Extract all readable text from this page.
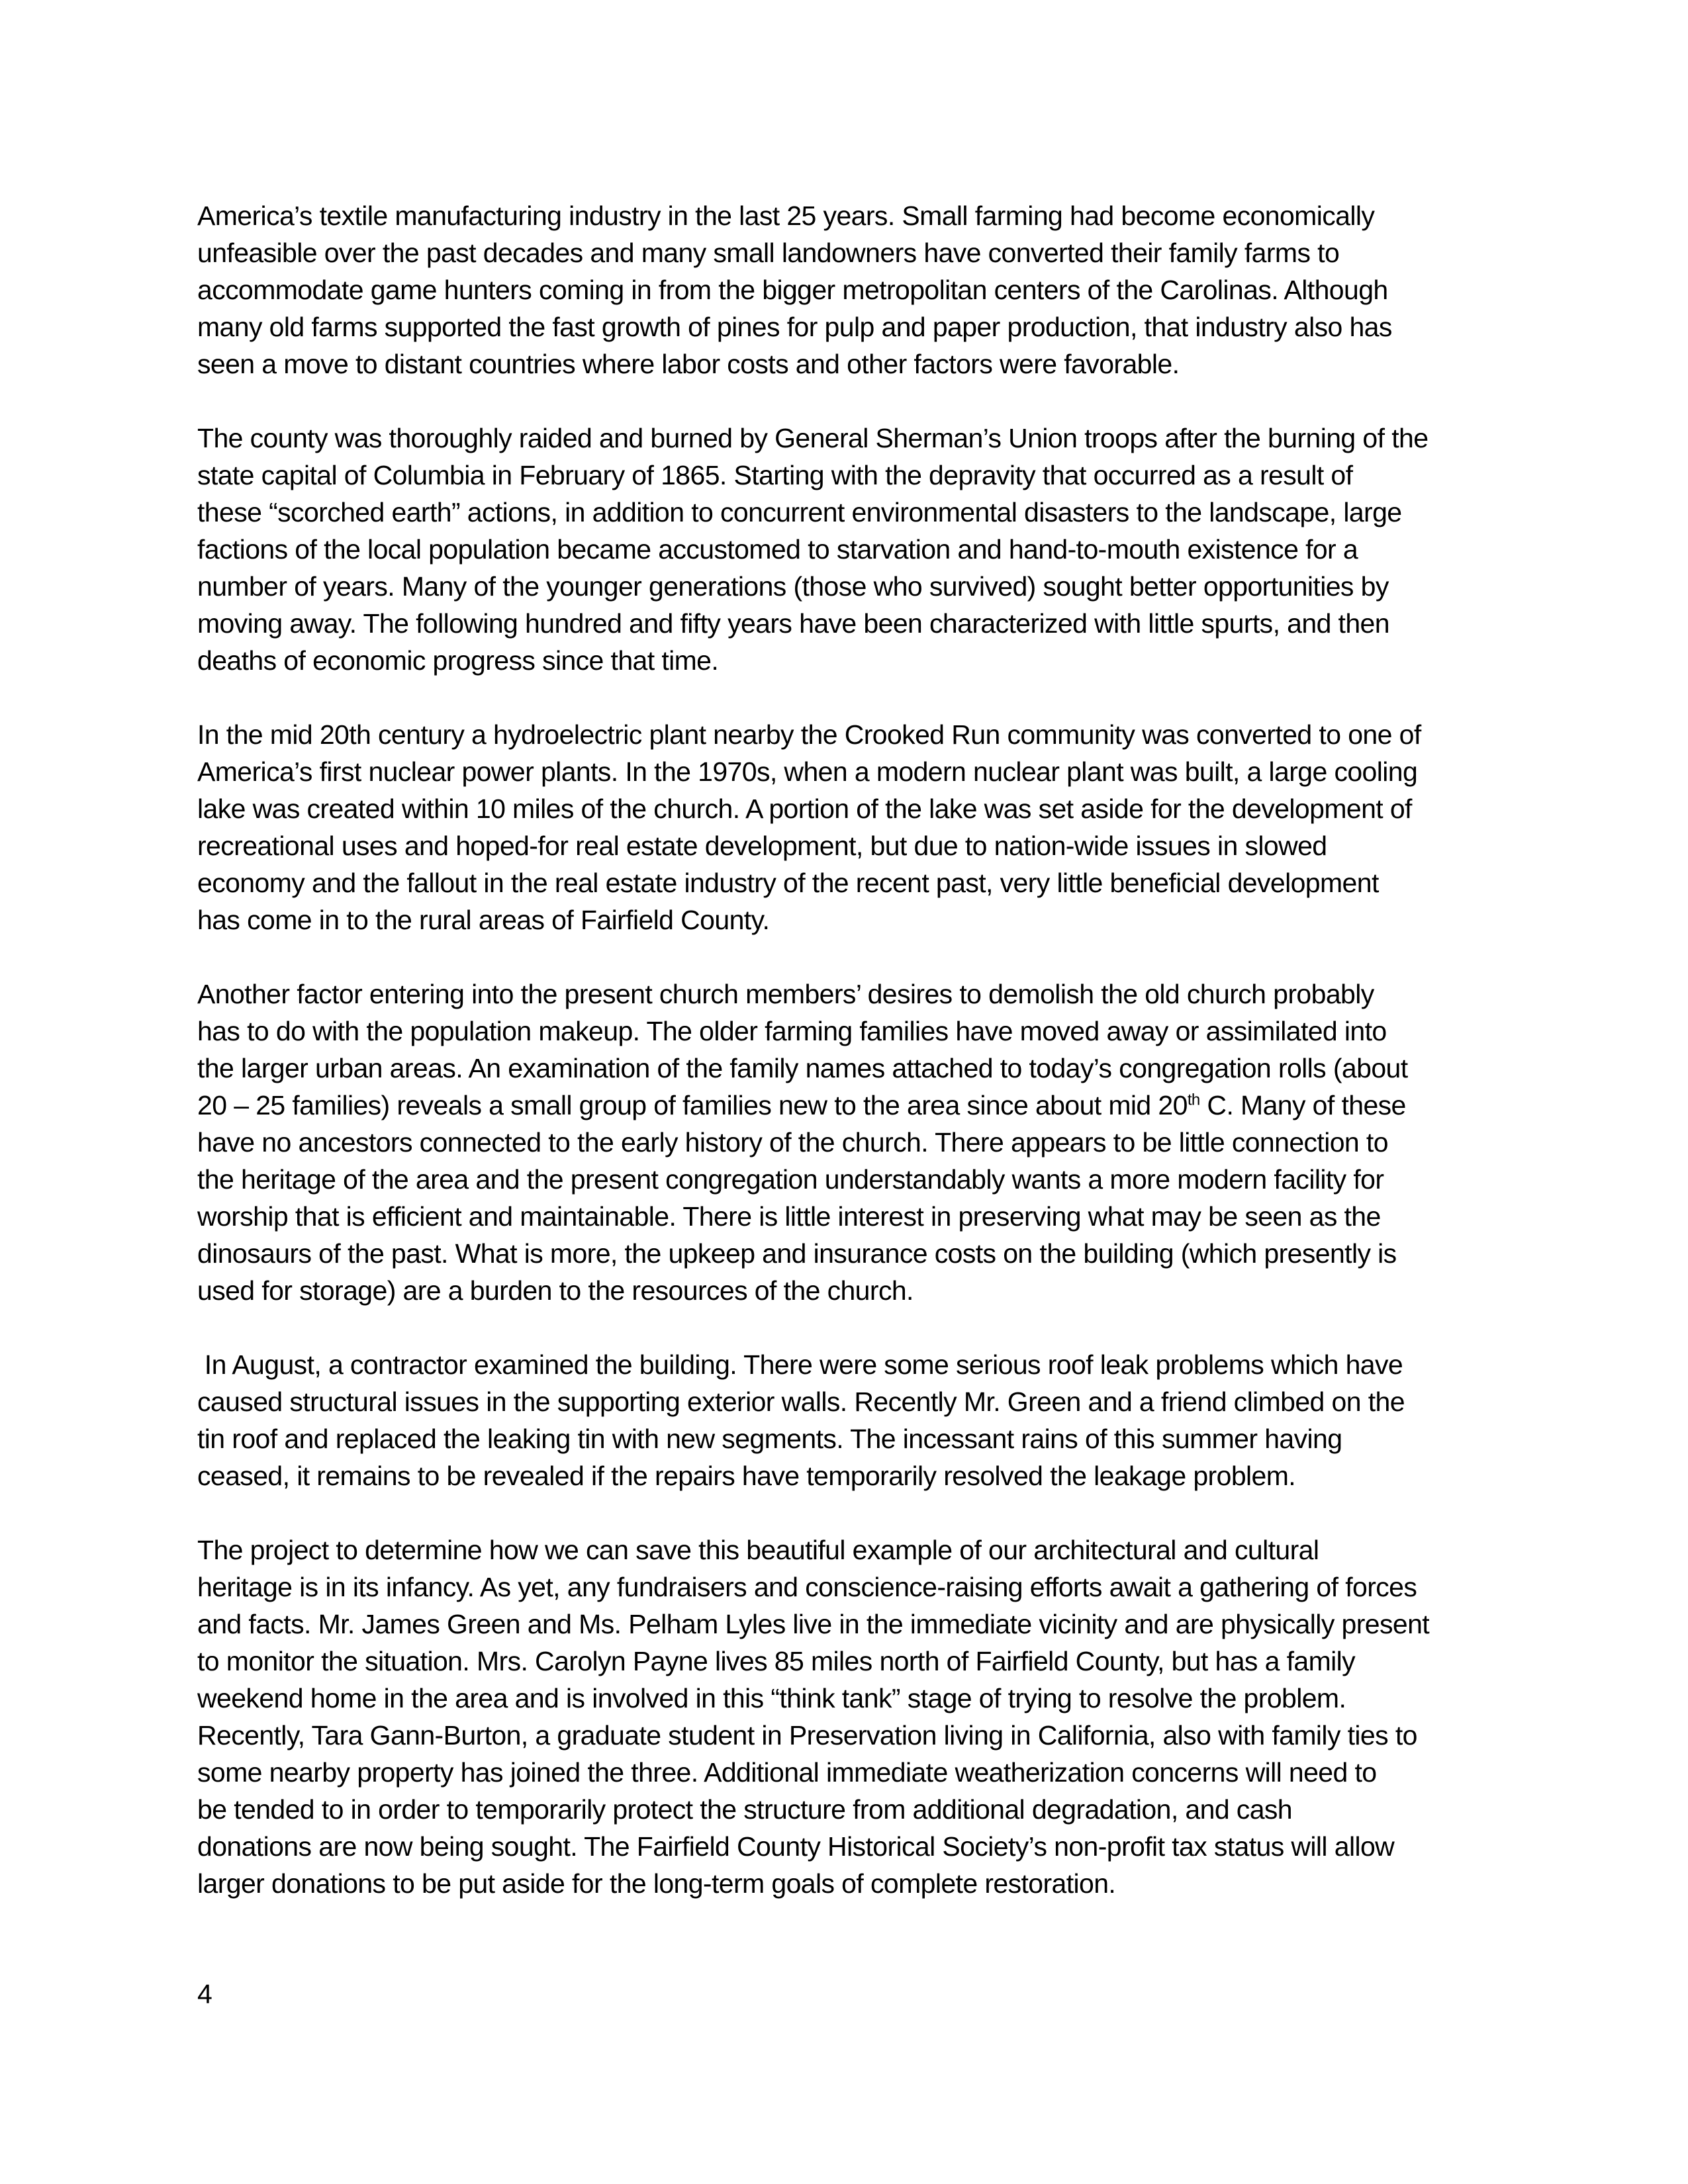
America’s textile manufacturing industry in the last 25 years. Small farming had become economically
unfeasible over the past decades and many small landowners have converted their family farms to
accommodate game hunters coming in from the bigger metropolitan centers of the Carolinas. Although
many old farms supported the fast growth of pines for pulp and paper production, that industry also has
seen a move to distant countries where labor costs and other factors were favorable.

The county was thoroughly raided and burned by General Sherman’s Union troops after the burning of the
state capital of Columbia in February of 1865. Starting with the depravity that occurred as a result of
these “scorched earth” actions, in addition to concurrent environmental disasters to the landscape, large
factions of the local population became accustomed to starvation and hand-to-mouth existence for a
number of years. Many of the younger generations (those who survived) sought better opportunities by
moving away. The following hundred and fifty years have been characterized with little spurts, and then
deaths of economic progress since that time.

In the mid 20th century a hydroelectric plant nearby the Crooked Run community was converted to one of
America’s first nuclear power plants. In the 1970s, when a modern nuclear plant was built, a large cooling
lake was created within 10 miles of the church. A portion of the lake was set aside for the development of
recreational uses and hoped-for real estate development, but due to nation-wide issues in slowed
economy and the fallout in the real estate industry of the recent past, very little beneficial development
has come in to the rural areas of Fairfield County.

Another factor entering into the present church members’ desires to demolish the old church probably
has to do with the population makeup. The older farming families have moved away or assimilated into
the larger urban areas. An examination of the family names attached to today’s congregation rolls (about
20 – 25 families) reveals a small group of families new to the area since about mid 20th C. Many of these
have no ancestors connected to the early history of the church. There appears to be little connection to
the heritage of the area and the present congregation understandably wants a more modern facility for
worship that is efficient and maintainable. There is little interest in preserving what may be seen as the
dinosaurs of the past. What is more, the upkeep and insurance costs on the building (which presently is
used for storage) are a burden to the resources of the church.

In August, a contractor examined the building. There were some serious roof leak problems which have
caused structural issues in the supporting exterior walls. Recently Mr. Green and a friend climbed on the
tin roof and replaced the leaking tin with new segments. The incessant rains of this summer having
ceased, it remains to be revealed if the repairs have temporarily resolved the leakage problem.

The project to determine how we can save this beautiful example of our architectural and cultural
heritage is in its infancy. As yet, any fundraisers and conscience-raising efforts await a gathering of forces
and facts. Mr. James Green and Ms. Pelham Lyles live in the immediate vicinity and are physically present
to monitor the situation. Mrs. Carolyn Payne lives 85 miles north of Fairfield County, but has a family
weekend home in the area and is involved in this “think tank” stage of trying to resolve the problem.
Recently, Tara Gann-Burton, a graduate student in Preservation living in California, also with family ties to
some nearby property has joined the three. Additional immediate weatherization concerns will need to
be tended to in order to temporarily protect the structure from additional degradation, and cash
donations are now being sought. The Fairfield County Historical Society’s non-profit tax status will allow
larger donations to be put aside for the long-term goals of complete restoration.

4
